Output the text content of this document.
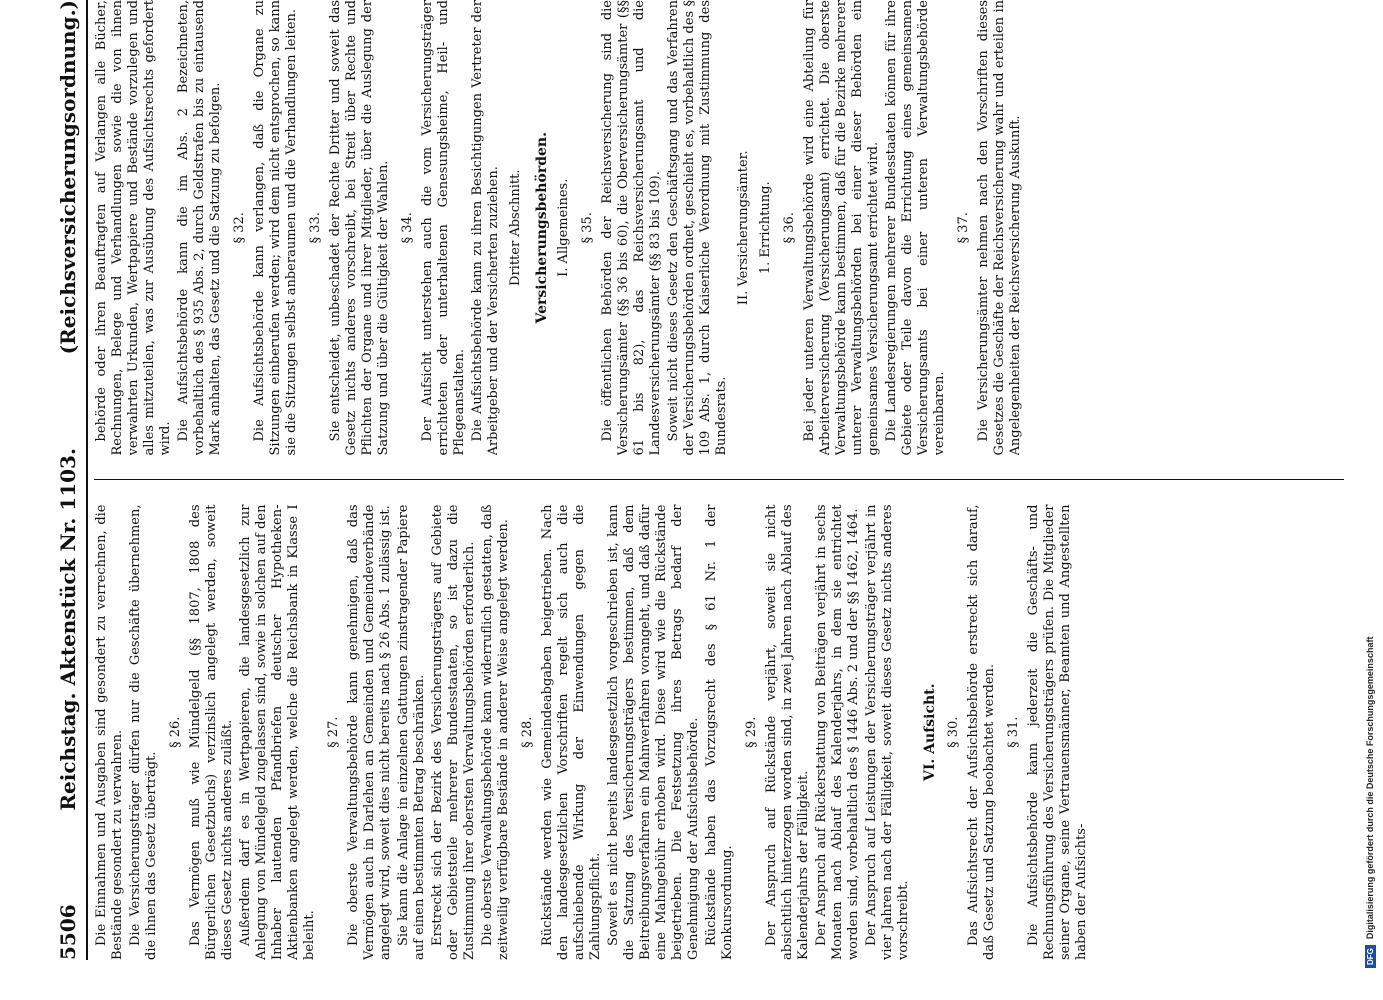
5506
Reichstag. Aktenstück Nr. 1103.
(Reichsversicherungsordnung.)

Die Einnahmen und Ausgaben sind gesondert zu verrechnen, die Bestände gesondert zu verwahren. Die Versicherungsträger dürfen nur die Geschäfte übernehmen, die ihnen das Gesetz überträgt.

§ 26. Das Vermögen muß wie Mündelgeld (§§ 1807, 1808 des Bürgerlichen Gesetzbuchs) verzinslich angelegt werden, soweit dieses Gesetz nichts anderes zuläßt. Außerdem darf es in Wertpapieren, die landesgesetzlich zur Anlegung von Mündelgeld zugelassen sind, sowie in solchen auf den Inhaber lautenden Pfandbriefen deutscher Hypotheken-Aktienbanken angelegt werden, welche die Reichsbank in Klasse I beleiht.

§ 27. Die oberste Verwaltungsbehörde kann genehmigen, daß das Vermögen auch in Darlehen an Gemeinden und Gemeindeverbände angelegt wird, soweit dies nicht bereits nach § 26 Abs. 1 zulässig ist. Sie kann die Anlage in einzelnen Gattungen zinstragender Papiere auf einen bestimmten Betrag beschränken. Erstreckt sich der Bezirk des Versicherungsträgers auf Gebiete oder Gebietsteile mehrerer Bundesstaaten, so ist dazu die Zustimmung ihrer obersten Verwaltungsbehörden erforderlich. Die oberste Verwaltungsbehörde kann widerruflich gestatten, daß zeitweilig verfügbare Bestände in anderer Weise angelegt werden. § 28. Rückstände werden wie Gemeindeabgaben beigetrieben. Nach den landesgesetzlichen Vorschriften regelt sich auch die aufschiebende Wirkung der Einwendungen gegen die Zahlungspflicht. Soweit es nicht bereits landesgesetzlich vorgeschrieben ist, kann die Satzung des Versicherungsträgers bestimmen, daß dem Beitreibungsverfahren ein Mahnverfahren vorangeht, und daß dafür eine Mahngebühr erhoben wird. Diese wird wie die Rückstände beigetrieben. Die Festsetzung ihres Betrags bedarf der Genehmigung der Aufsichtsbehörde. Rückstände haben das Vorzugsrecht des § 61 Nr. 1 der Konkursordnung.

§ 29. Der Anspruch auf Rückstände verjährt, soweit sie nicht absichtlich hinterzogen worden sind, in zwei Jahren nach Ablauf des Kalenderjahrs der Fälligkeit. Der Anspruch auf Rückerstattung von Beiträgen verjährt in sechs Monaten nach Ablauf des Kalenderjahrs, in dem sie entrichtet worden sind, vorbehaltlich des § 1446 Abs. 2 und der §§ 1462, 1464. Der Anspruch auf Leistungen der Versicherungsträger verjährt in vier Jahren nach der Fälligkeit, soweit dieses Gesetz nichts anderes vorschreibt.

VI. Aufsicht. § 30. Das Aufsichtsrecht der Aufsichtsbehörde erstreckt sich darauf, daß Gesetz und Satzung beobachtet werden. § 31. Die Aufsichtsbehörde kann jederzeit die Geschäfts- und Rechnungsführung des Versicherungsträgers prüfen. Die Mitglieder seiner Organe, seine Vertrauensmänner, Beamten und Angestellten haben der Aufsichts-

behörde oder ihren Beauftragten auf Verlangen alle Bücher, Rechnungen, Belege und Verhandlungen sowie die von ihnen verwahrten Urkunden, Wertpapiere und Bestände vorzulegen und alles mitzuteilen, was zur Ausübung des Aufsichtsrechts gefordert wird. Die Aufsichtsbehörde kann die im Abs. 2 Bezeichneten, vorbehaltlich des § 935 Abs. 2, durch Geldstrafen bis zu eintausend Mark anhalten, das Gesetz und die Satzung zu befolgen. § 32. Die Aufsichtsbehörde kann verlangen, daß die Organe zu Sitzungen einberufen werden; wird dem nicht entsprochen, so kann sie die Sitzungen selbst anberaumen und die Verhandlungen leiten. § 33. Sie entscheidet, unbeschadet der Rechte Dritter und soweit das Gesetz nichts anderes vorschreibt, bei Streit über Rechte und Pflichten der Organe und ihrer Mitglieder, über die Auslegung der Satzung und über die Gültigkeit der Wahlen. § 34. Der Aufsicht unterstehen auch die vom Versicherungsträger errichteten oder unterhaltenen Genesungsheime, Heil- und Pflegeanstalten. Die Aufsichtsbehörde kann zu ihren Besichtigungen Vertreter der Arbeitgeber und der Versicherten zuziehen. Dritter Abschnitt. Versicherungsbehörden. I. Allgemeines. § 35. Die öffentlichen Behörden der Reichsversicherung sind die Versicherungsämter (§§ 36 bis 60), die Oberversicherungsämter (§§ 61 bis 82), das Reichsversicherungsamt und die Landesversicherungsämter (§§ 83 bis 109). Soweit nicht dieses Gesetz den Geschäftsgang und das Verfahren der Versicherungsbehörden ordnet, geschieht es, vorbehaltlich des § 109 Abs. 1, durch Kaiserliche Verordnung mit Zustimmung des Bundesrats.

II. Versicherungsämter. 1. Errichtung. § 36. Bei jeder unteren Verwaltungsbehörde wird eine Abteilung für Arbeiterversicherung (Versicherungsamt) errichtet. Die oberste Verwaltungsbehörde kann bestimmen, daß für die Bezirke mehrerer unterer Verwaltungsbehörden bei einer dieser Behörden ein gemeinsames Versicherungsamt errichtet wird. Die Landesregierungen mehrerer Bundesstaaten können für ihre Gebiete oder Teile davon die Errichtung eines gemeinsamen Versicherungsamts bei einer unteren Verwaltungsbehörde vereinbaren.

§ 37. Die Versicherungsämter nehmen nach den Vorschriften dieses Gesetzes die Geschäfte der Reichsversicherung wahr und erteilen in Angelegenheiten der Reichsversicherung Auskunft.

DFG
Digitalisierung gefördert durch die Deutsche Forschungsgemeinschaft
